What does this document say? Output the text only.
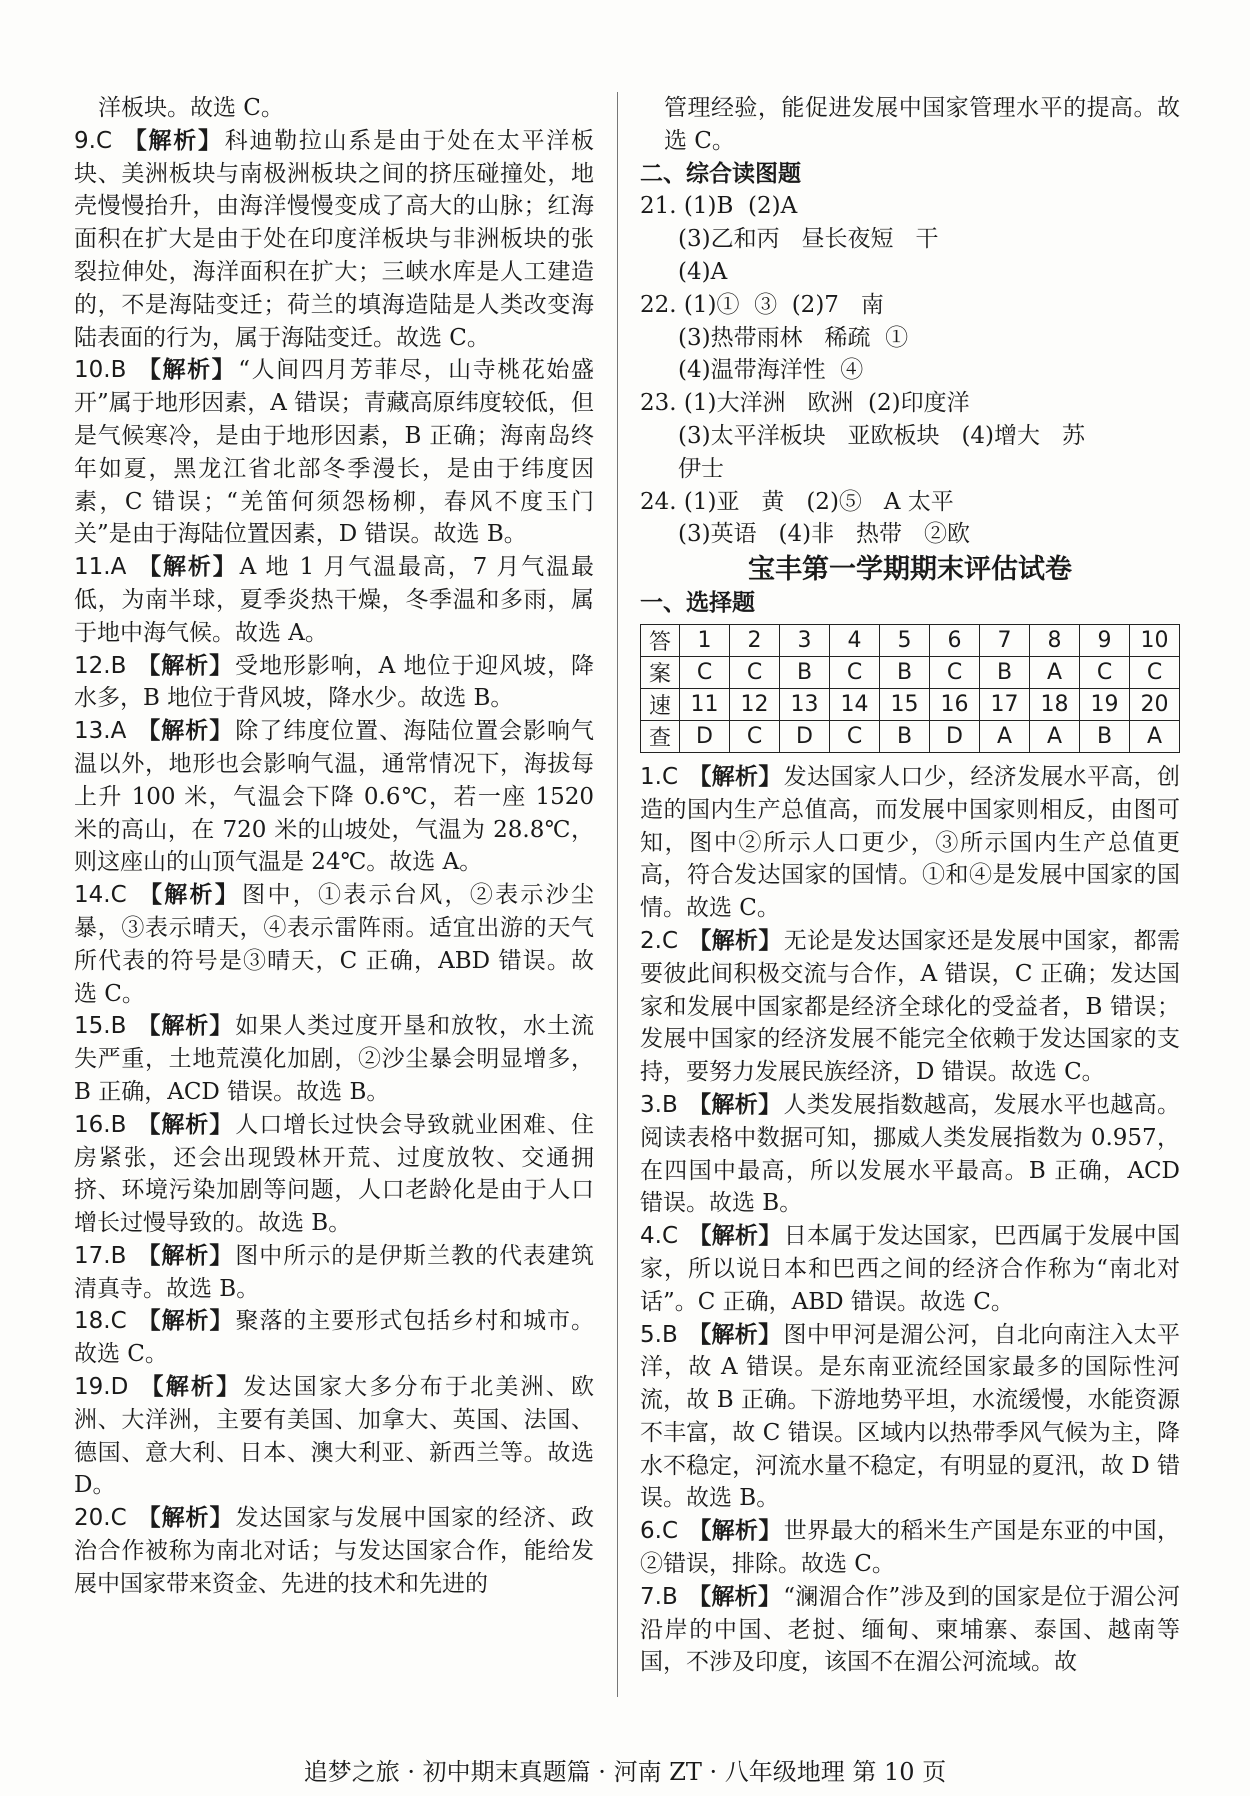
洋板块。故选 C。

9.C 【解析】科迪勒拉山系是由于处在太平洋板块、美洲板块与南极洲板块之间的挤压碰撞处，地壳慢慢抬升，由海洋慢慢变成了高大的山脉；红海面积在扩大是由于处在印度洋板块与非洲板块的张裂拉伸处，海洋面积在扩大；三峡水库是人工建造的，不是海陆变迁；荷兰的填海造陆是人类改变海陆表面的行为，属于海陆变迁。故选 C。

10.B 【解析】“人间四月芳菲尽，山寺桃花始盛开”属于地形因素，A 错误；青藏高原纬度较低，但是气候寒冷，是由于地形因素，B 正确；海南岛终年如夏，黑龙江省北部冬季漫长，是由于纬度因素，C 错误；“羌笛何须怨杨柳，春风不度玉门关”是由于海陆位置因素，D 错误。故选 B。

11.A 【解析】A 地 1 月气温最高，7 月气温最低，为南半球，夏季炎热干燥，冬季温和多雨，属于地中海气候。故选 A。

12.B 【解析】受地形影响，A 地位于迎风坡，降水多，B 地位于背风坡，降水少。故选 B。

13.A 【解析】除了纬度位置、海陆位置会影响气温以外，地形也会影响气温，通常情况下，海拔每上升 100 米，气温会下降 0.6℃，若一座 1520 米的高山，在 720 米的山坡处，气温为 28.8℃，则这座山的山顶气温是 24℃。故选 A。

14.C 【解析】图中，①表示台风，②表示沙尘暴，③表示晴天，④表示雷阵雨。适宜出游的天气所代表的符号是③晴天，C 正确，ABD 错误。故选 C。

15.B 【解析】如果人类过度开垦和放牧，水土流失严重，土地荒漠化加剧，②沙尘暴会明显增多，B 正确，ACD 错误。故选 B。

16.B 【解析】人口增长过快会导致就业困难、住房紧张，还会出现毁林开荒、过度放牧、交通拥挤、环境污染加剧等问题，人口老龄化是由于人口增长过慢导致的。故选 B。

17.B 【解析】图中所示的是伊斯兰教的代表建筑清真寺。故选 B。

18.C 【解析】聚落的主要形式包括乡村和城市。故选 C。

19.D 【解析】发达国家大多分布于北美洲、欧洲、大洋洲，主要有美国、加拿大、英国、法国、德国、意大利、日本、澳大利亚、新西兰等。故选 D。

20.C 【解析】发达国家与发展中国家的经济、政治合作被称为南北对话；与发达国家合作，能给发展中国家带来资金、先进的技术和先进的

管理经验，能促进发展中国家管理水平的提高。故选 C。

二、综合读图题

21. (1)B  (2)A

(3)乙和丙   昼长夜短   干

(4)A

22. (1)①  ③  (2)7   南

(3)热带雨林   稀疏  ①

(4)温带海洋性  ④

23. (1)大洋洲   欧洲  (2)印度洋

(3)太平洋板块   亚欧板块   (4)增大   苏

伊士

24. (1)亚   黄   (2)⑤   A 太平

(3)英语   (4)非   热带   ②欧

宝丰第一学期期末评估试卷

一、选择题

答	1	2	3	4	5	6	7	8	9	10
案	C	C	B	C	B	C	B	A	C	C
速	11	12	13	14	15	16	17	18	19	20
查	D	C	D	C	B	D	A	A	B	A

1.C 【解析】发达国家人口少，经济发展水平高，创造的国内生产总值高，而发展中国家则相反，由图可知，图中②所示人口更少，③所示国内生产总值更高，符合发达国家的国情。①和④是发展中国家的国情。故选 C。

2.C 【解析】无论是发达国家还是发展中国家，都需要彼此间积极交流与合作，A 错误，C 正确；发达国家和发展中国家都是经济全球化的受益者，B 错误；发展中国家的经济发展不能完全依赖于发达国家的支持，要努力发展民族经济，D 错误。故选 C。

3.B 【解析】人类发展指数越高，发展水平也越高。阅读表格中数据可知，挪威人类发展指数为 0.957，在四国中最高，所以发展水平最高。B 正确，ACD 错误。故选 B。

4.C 【解析】日本属于发达国家，巴西属于发展中国家，所以说日本和巴西之间的经济合作称为“南北对话”。C 正确，ABD 错误。故选 C。

5.B 【解析】图中甲河是湄公河，自北向南注入太平洋，故 A 错误。是东南亚流经国家最多的国际性河流，故 B 正确。下游地势平坦，水流缓慢，水能资源不丰富，故 C 错误。区域内以热带季风气候为主，降水不稳定，河流水量不稳定，有明显的夏汛，故 D 错误。故选 B。

6.C 【解析】世界最大的稻米生产国是东亚的中国，②错误，排除。故选 C。

7.B 【解析】“澜湄合作”涉及到的国家是位于湄公河沿岸的中国、老挝、缅甸、柬埔寨、泰国、越南等国，不涉及印度，该国不在湄公河流域。故

追梦之旅 · 初中期末真题篇 · 河南 ZT · 八年级地理 第 10 页
